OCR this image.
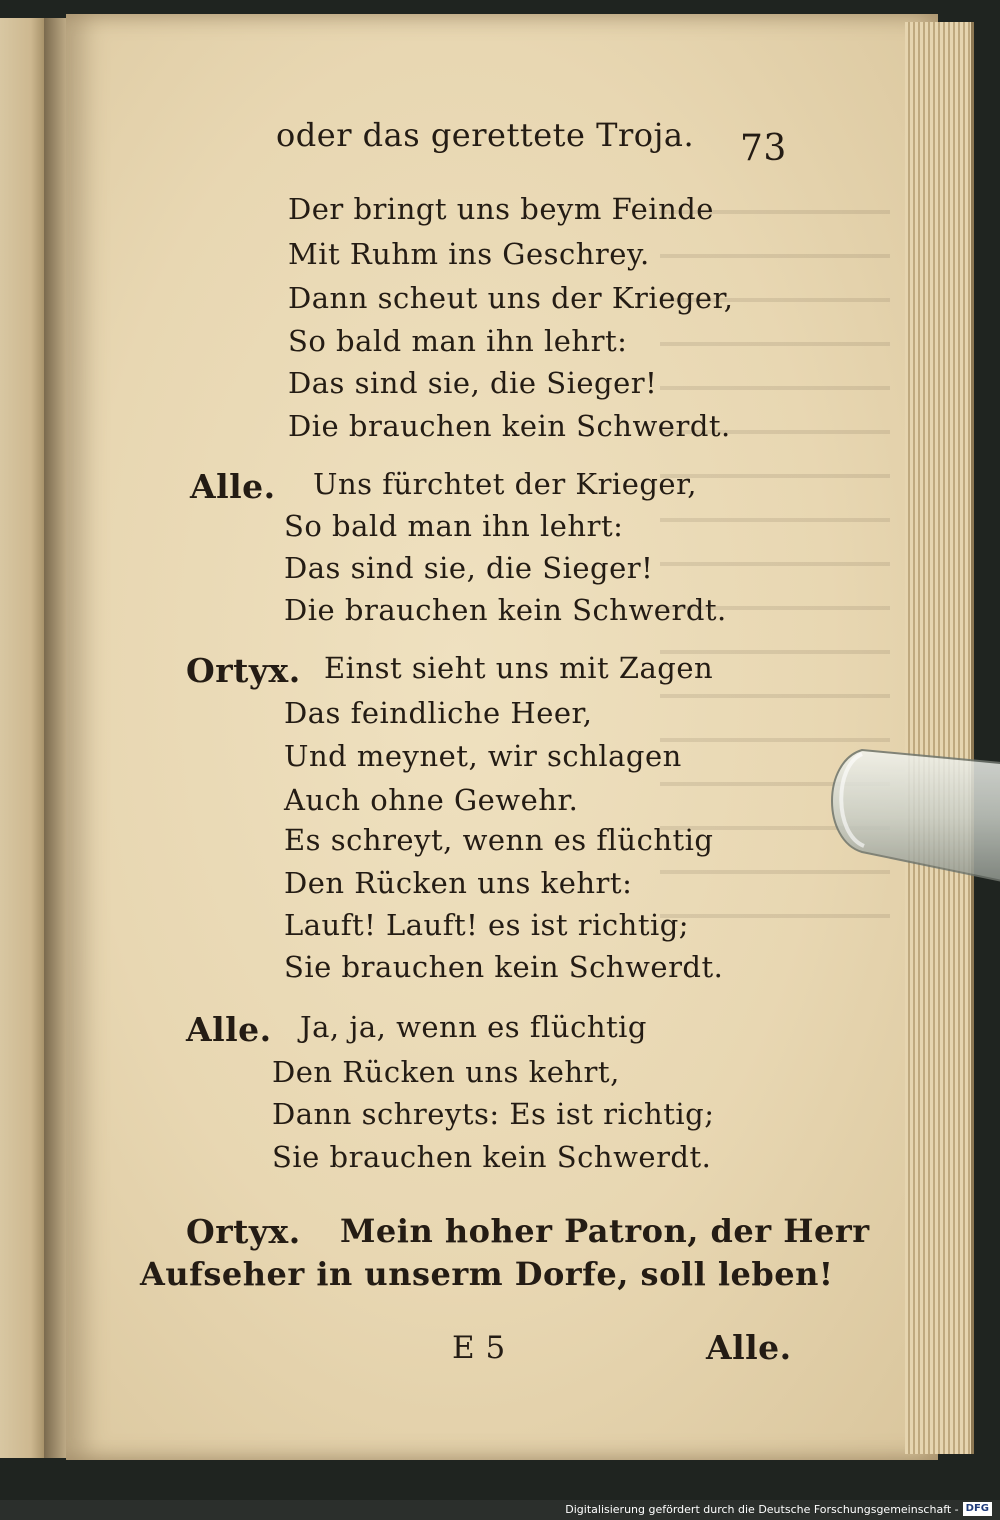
oder das gerettete Troja. 73
Der bringt uns beym Feinde
Mit Ruhm ins Geschrey.
Dann scheut uns der Krieger,
So bald man ihn lehrt:
Das sind sie, die Sieger!
Die brauchen kein Schwerdt.
Alle. Uns fürchtet der Krieger,
So bald man ihn lehrt:
Das sind sie, die Sieger!
Die brauchen kein Schwerdt.
Ortyx. Einst sieht uns mit Zagen
Das feindliche Heer,
Und meynet, wir schlagen
Auch ohne Gewehr.
Es schreyt, wenn es flüchtig
Den Rücken uns kehrt:
Lauft! Lauft! es ist richtig;
Sie brauchen kein Schwerdt.
Alle. Ja, ja, wenn es flüchtig
Den Rücken uns kehrt,
Dann schreyts: Es ist richtig;
Sie brauchen kein Schwerdt.
Ortyx. Mein hoher Patron, der Herr
Aufseher in unserm Dorfe, soll leben!
E 5	Alle.
Digitalisierung gefördert durch die Deutsche Forschungsgemeinschaft - DFG
